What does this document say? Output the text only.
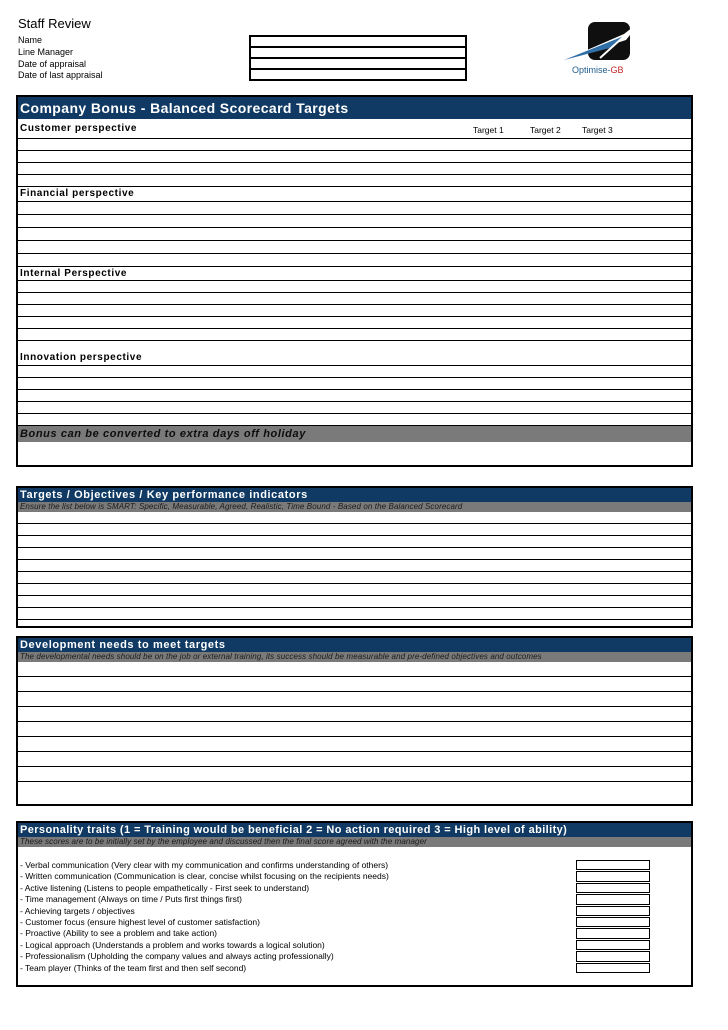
Staff Review
Name
Line Manager
Date of appraisal
Date of last appraisal	Optimise-GB
Company Bonus - Balanced Scorecard Targets
Customer perspective	Target 1	Target 2	Target 3
Financial perspective
Internal Perspective
Innovation perspective
Bonus can be converted to extra days off holiday
Targets / Objectives / Key performance indicators
Ensure the list below is SMART: Specific, Measurable, Agreed, Realistic, Time Bound - Based on the Balanced Scorecard
Development needs to meet targets
The developmental needs should be on the job or external training, its success should be measurable and pre-defined objectives and outcomes
Personality traits (1 = Training would be beneficial 2 = No action required 3 = High level of ability)
These scores are to be initially set by the employee and discussed then the final score agreed with the manager
- Verbal communication (Very clear with my communication and confirms understanding of others)
- Written communication (Communication is clear, concise whilst focusing on the recipients needs)
- Active listening (Listens to people empathetically - First seek to understand)
- Time management (Always on time / Puts first things first)
- Achieving targets / objectives
- Customer focus (ensure highest level of customer satisfaction)
- Proactive (Ability to see a problem and take action)
- Logical approach (Understands a problem and works towards a logical solution)
- Professionalism (Upholding the company values and always acting professionally)
- Team player (Thinks of the team first and then self second)
